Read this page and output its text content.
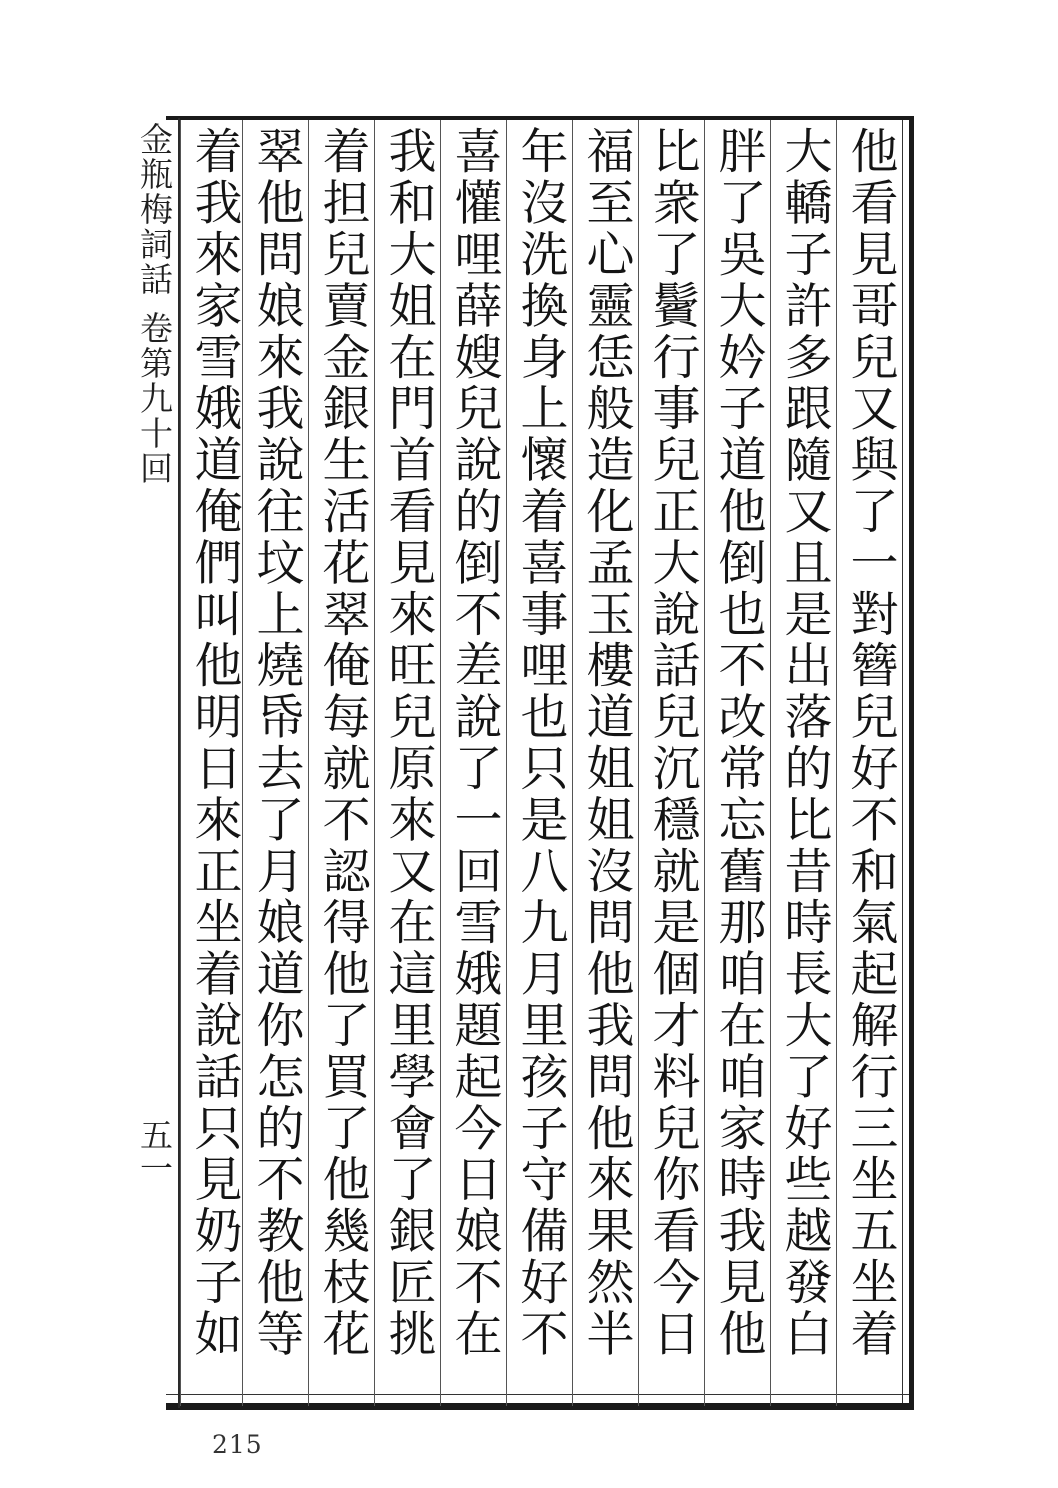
金瓶梅詞話卷第九十回
五一	他看見哥兒又與了一對簪兒好不和氣起解行三坐五坐着
大轎子許多跟隨又且是出落的比昔時長大了好些越發白
胖了吳大妗子道他倒也不改常忘舊那咱在咱家時我見他
比衆了鬢行事兒正大說話兒沉穩就是個才料兒你看今日
福至心靈恁般造化孟玉樓道姐姐沒問他我問他來果然半
年沒洗換身上懷着喜事哩也只是八九月里孩子守備好不
喜懽哩薛嫂兒說的倒不差說了一回雪娥題起今日娘不在
我和大姐在門首看見來旺兒原來又在這里學會了銀匠挑
着担兒賣金銀生活花翠俺每就不認得他了買了他幾枝花
翠他問娘來我說往坟上燒帋去了月娘道你怎的不教他等
着我來家雪娥道俺們叫他明日來正坐着說話只見奶子如
215
